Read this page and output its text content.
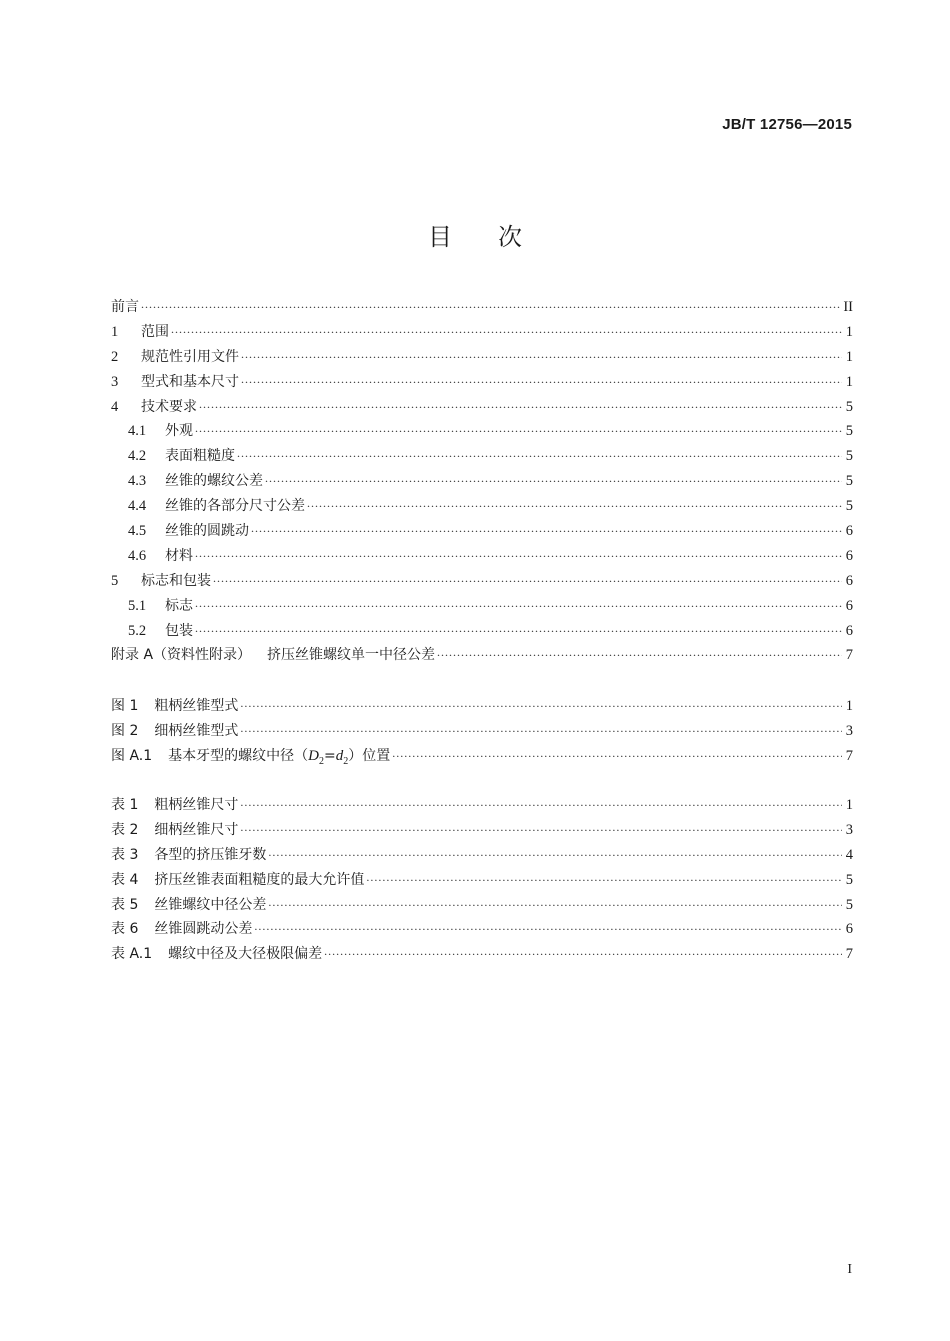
JB/T 12756—2015
目 次
前言 .....	II
1	范围 .....	1
2	规范性引用文件 .....	1
3	型式和基本尺寸 .....	1
4	技术要求 .....	5
4.1	外观 .....	5
4.2	表面粗糙度 .....	5
4.3	丝锥的螺纹公差 .....	5
4.4	丝锥的各部分尺寸公差 .....	5
4.5	丝锥的圆跳动 .....	6
4.6	材料 .....	6
5	标志和包装 .....	6
5.1	标志 .....	6
5.2	包装 .....	6
附录 A（资料性附录）	挤压丝锥螺纹单一中径公差 .....	7
图 1	粗柄丝锥型式 .....	1
图 2	细柄丝锥型式 .....	3
图 A.1	基本牙型的螺纹中径$(D_2=d_2)$位置 .....	7
表 1	粗柄丝锥尺寸 .....	1
表 2	细柄丝锥尺寸 .....	3
表 3	各型的挤压锥牙数 .....	4
表 4	挤压丝锥表面粗糙度的最大允许值 .....	5
表 5	丝锥螺纹中径公差 .....	5
表 6	丝锥圆跳动公差 .....	6
表 A.1	螺纹中径及大径极限偏差 .....	7
I
